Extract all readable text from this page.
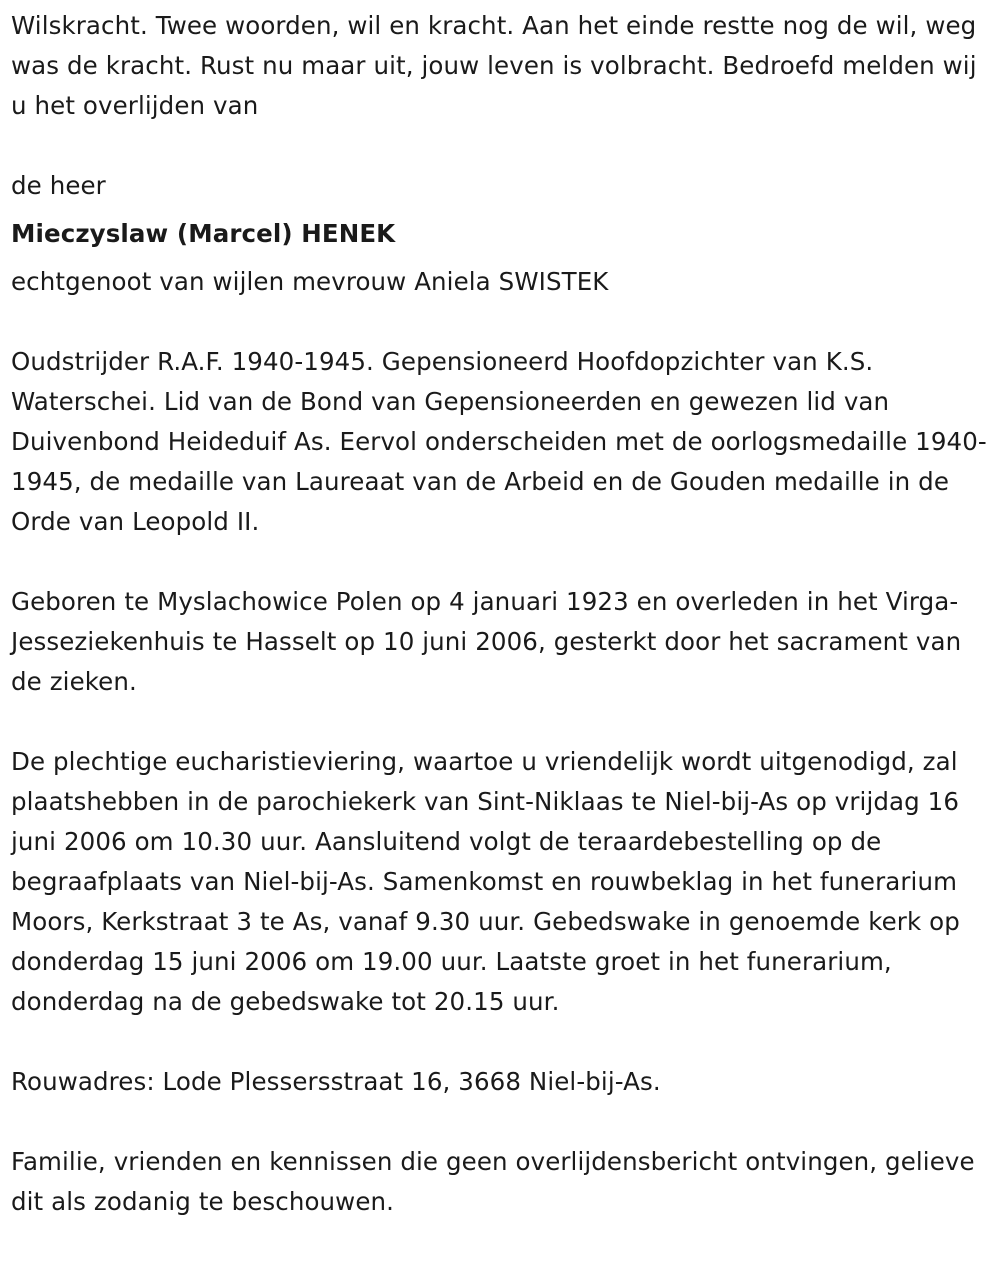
Wilskracht. Twee woorden, wil en kracht. Aan het einde restte nog de wil, weg was de kracht. Rust nu maar uit, jouw leven is volbracht. Bedroefd melden wij u het overlijden van

de heer

Mieczyslaw (Marcel) HENEK

echtgenoot van wijlen mevrouw Aniela SWISTEK

Oudstrijder R.A.F. 1940-1945. Gepensioneerd Hoofdopzichter van K.S. Waterschei. Lid van de Bond van Gepensioneerden en gewezen lid van Duivenbond Heideduif As. Eervol onderscheiden met de oorlogsmedaille 1940-1945, de medaille van Laureaat van de Arbeid en de Gouden medaille in de Orde van Leopold II.

Geboren te Myslachowice Polen op 4 januari 1923 en overleden in het Virga-Jesseziekenhuis te Hasselt op 10 juni 2006, gesterkt door het sacrament van de zieken.

De plechtige eucharistieviering, waartoe u vriendelijk wordt uitgenodigd, zal plaatshebben in de parochiekerk van Sint-Niklaas te Niel-bij-As op vrijdag 16 juni 2006 om 10.30 uur. Aansluitend volgt de teraardebestelling op de begraafplaats van Niel-bij-As. Samenkomst en rouwbeklag in het funerarium Moors, Kerkstraat 3 te As, vanaf 9.30 uur. Gebedswake in genoemde kerk op donderdag 15 juni 2006 om 19.00 uur. Laatste groet in het funerarium, donderdag na de gebedswake tot 20.15 uur.

Rouwadres: Lode Plessersstraat 16, 3668 Niel-bij-As.

Familie, vrienden en kennissen die geen overlijdensbericht ontvingen, gelieve dit als zodanig te beschouwen.
